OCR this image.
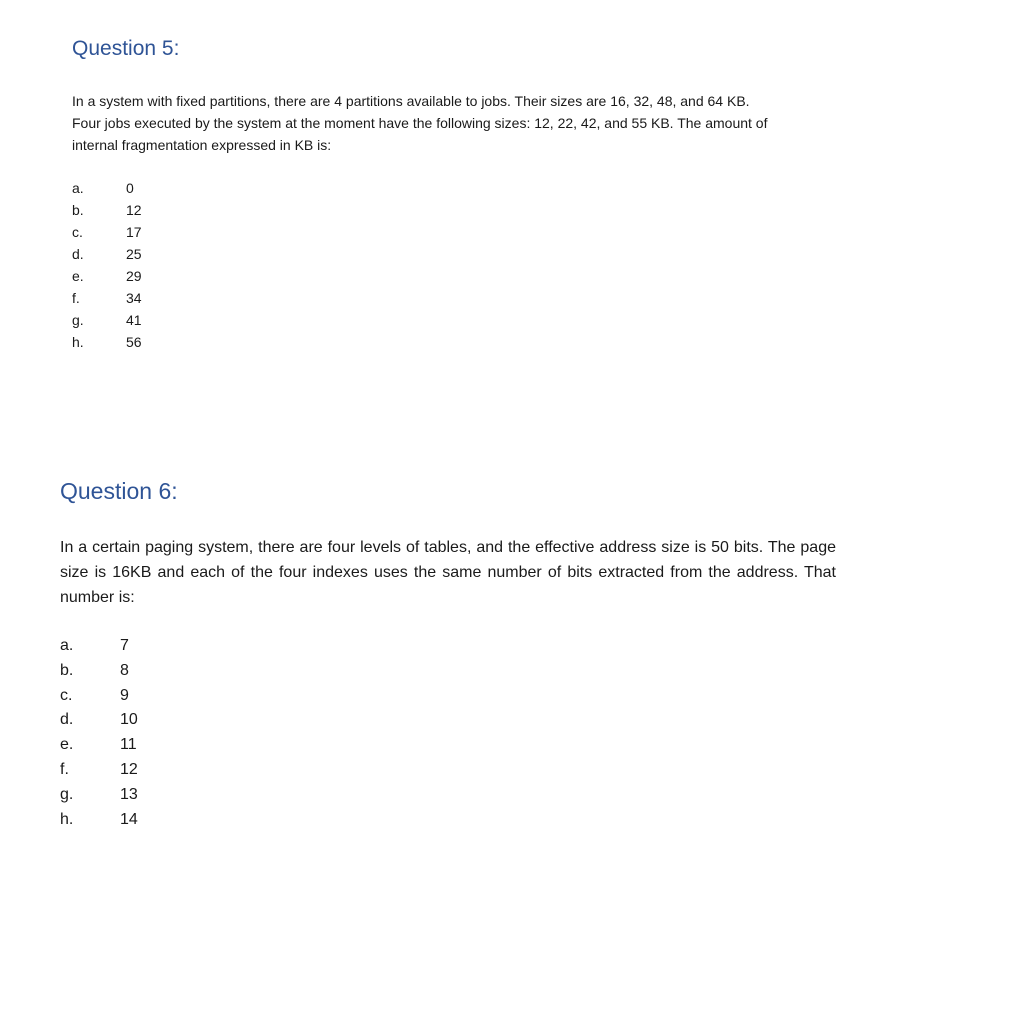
Question 5:

In a system with fixed partitions, there are 4 partitions available to jobs. Their sizes are 16, 32, 48, and 64 KB. Four jobs executed by the system at the moment have the following sizes: 12, 22, 42, and 55 KB. The amount of internal fragmentation expressed in KB is:

a.	0
b.	12
c.	17
d.	25
e.	29
f.	34
g.	41
h.	56
Question 6:

In a certain paging system, there are four levels of tables, and the effective address size is 50 bits. The page size is 16KB and each of the four indexes uses the same number of bits extracted from the address. That number is:

a.	7
b.	8
c.	9
d.	10
e.	11
f.	12
g.	13
h.	14
